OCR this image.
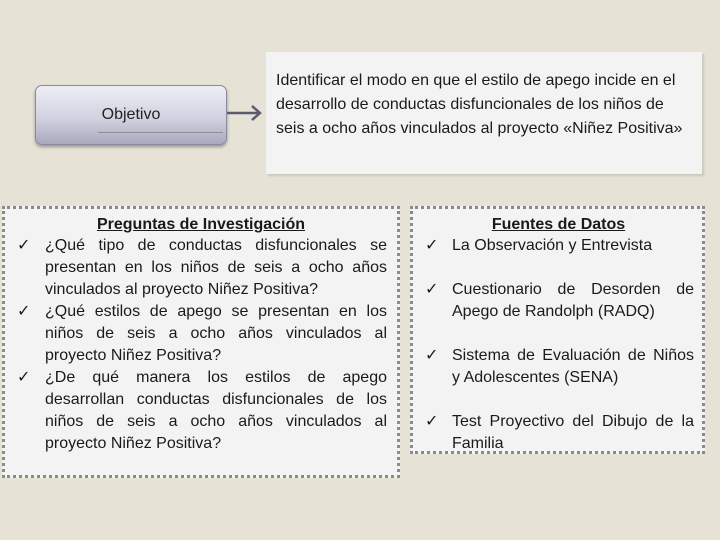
Objetivo
Identificar el modo en que el estilo de apego incide en el desarrollo de conductas disfuncionales de los niños de seis a ocho años vinculados al proyecto «Niñez Positiva»

Preguntas de Investigación

✓ ¿Qué tipo de conductas disfuncionales se presentan en los niños de seis a ocho años vinculados al proyecto Niñez Positiva?
✓ ¿Qué estilos de apego se presentan en los niños de seis a ocho años vinculados al proyecto Niñez Positiva?
✓ ¿De qué manera los estilos de apego desarrollan conductas disfuncionales de los niños de seis a ocho años vinculados al proyecto Niñez Positiva?

Fuentes de Datos

✓ La Observación y Entrevista
✓ Cuestionario de Desorden de Apego de Randolph (RADQ)
✓ Sistema de Evaluación de Niños y Adolescentes (SENA)
✓ Test Proyectivo del Dibujo de la Familia
